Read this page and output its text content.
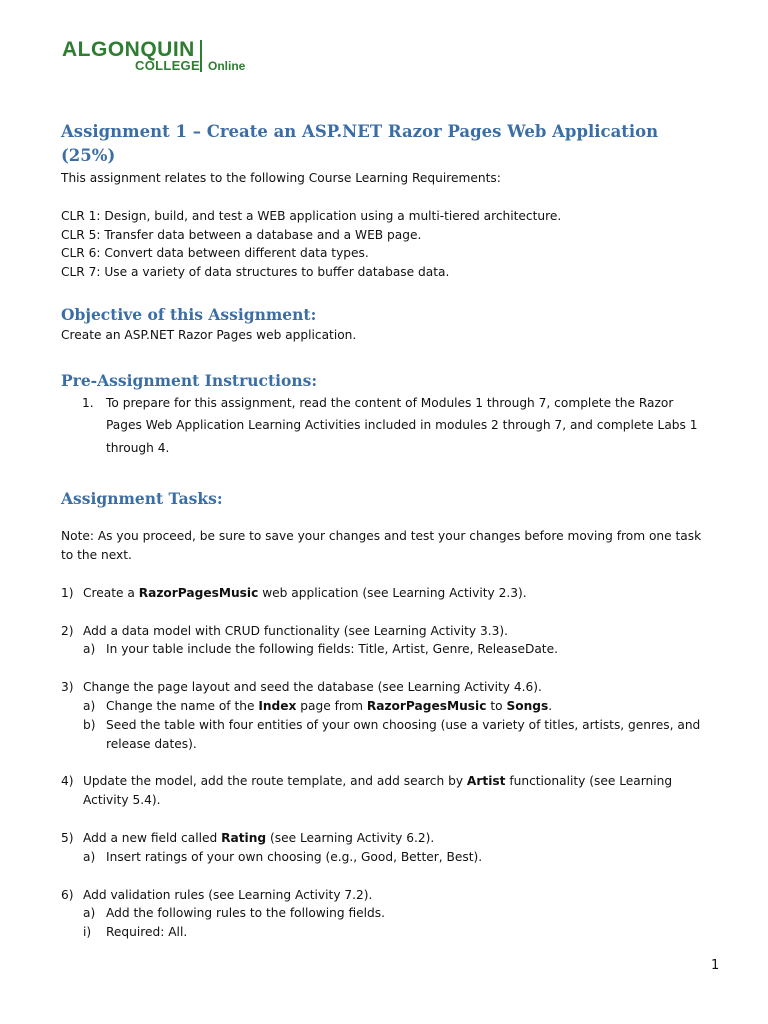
ALGONQUIN
COLLEGE Online
Assignment 1 – Create an ASP.NET Razor Pages Web Application (25%)

This assignment relates to the following Course Learning Requirements:

CLR 1: Design, build, and test a WEB application using a multi-tiered architecture.
CLR 5: Transfer data between a database and a WEB page.
CLR 6: Convert data between different data types.
CLR 7: Use a variety of data structures to buffer database data.
Objective of this Assignment:

Create an ASP.NET Razor Pages web application.

Pre-Assignment Instructions:
1. To prepare for this assignment, read the content of Modules 1 through 7, complete the Razor Pages Web Application Learning Activities included in modules 2 through 7, and complete Labs 1 through 4.
Assignment Tasks:

Note: As you proceed, be sure to save your changes and test your changes before moving from one task to the next.

1) Create a RazorPagesMusic web application (see Learning Activity 2.3).
2) Add a data model with CRUD functionality (see Learning Activity 3.3).
a) In your table include the following fields: Title, Artist, Genre, ReleaseDate.
3) Change the page layout and seed the database (see Learning Activity 4.6).
a) Change the name of the Index page from RazorPagesMusic to Songs.
b) Seed the table with four entities of your own choosing (use a variety of titles, artists, genres, and release dates).
4) Update the model, add the route template, and add search by Artist functionality (see Learning Activity 5.4).
5) Add a new field called Rating (see Learning Activity 6.2).
a) Insert ratings of your own choosing (e.g., Good, Better, Best).
6) Add validation rules (see Learning Activity 7.2).
a) Add the following rules to the following fields.
i) Required: All.
1
